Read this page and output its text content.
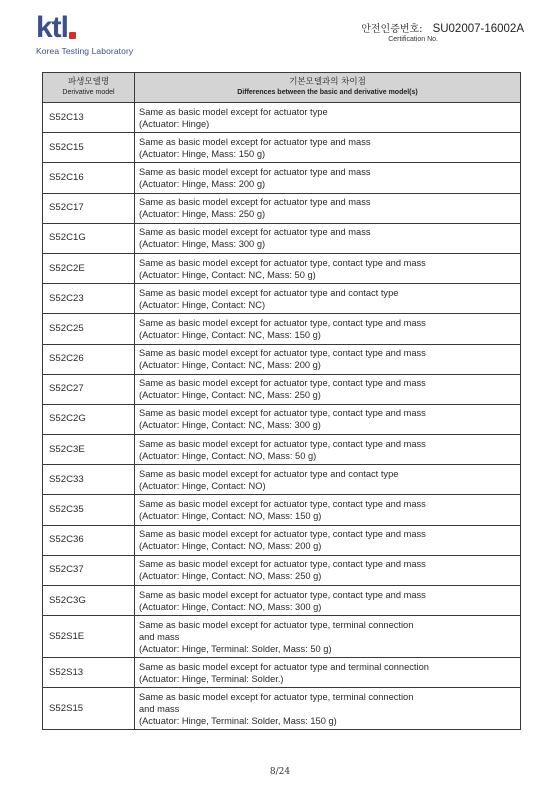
ktl
Korea Testing Laboratory
안전인증번호: SU02007-16002A
Certification No.
파생모델명
Derivative model	기본모델과의 차이점
Differences between the basic and derivative model(s)

S52C13	Same as basic model except for actuator type
(Actuator: Hinge)

S52C15	Same as basic model except for actuator type and mass
(Actuator: Hinge, Mass: 150 g)

S52C16	Same as basic model except for actuator type and mass
(Actuator: Hinge, Mass: 200 g)

S52C17	Same as basic model except for actuator type and mass
(Actuator: Hinge, Mass: 250 g)

S52C1G	Same as basic model except for actuator type and mass
(Actuator: Hinge, Mass: 300 g)

S52C2E	Same as basic model except for actuator type, contact type and mass
(Actuator: Hinge, Contact: NC, Mass: 50 g)

S52C23	Same as basic model except for actuator type and contact type
(Actuator: Hinge, Contact: NC)

S52C25	Same as basic model except for actuator type, contact type and mass
(Actuator: Hinge, Contact: NC, Mass: 150 g)

S52C26	Same as basic model except for actuator type, contact type and mass
(Actuator: Hinge, Contact: NC, Mass: 200 g)

S52C27	Same as basic model except for actuator type, contact type and mass
(Actuator: Hinge, Contact: NC, Mass: 250 g)

S52C2G	Same as basic model except for actuator type, contact type and mass
(Actuator: Hinge, Contact: NC, Mass: 300 g)

S52C3E	Same as basic model except for actuator type, contact type and mass
(Actuator: Hinge, Contact: NO, Mass: 50 g)

S52C33	Same as basic model except for actuator type and contact type
(Actuator: Hinge, Contact: NO)

S52C35	Same as basic model except for actuator type, contact type and mass
(Actuator: Hinge, Contact: NO, Mass: 150 g)

S52C36	Same as basic model except for actuator type, contact type and mass
(Actuator: Hinge, Contact: NO, Mass: 200 g)

S52C37	Same as basic model except for actuator type, contact type and mass
(Actuator: Hinge, Contact: NO, Mass: 250 g)

S52C3G	Same as basic model except for actuator type, contact type and mass
(Actuator: Hinge, Contact: NO, Mass: 300 g)

S52S1E	Same as basic model except for actuator type, terminal connection
and mass
(Actuator: Hinge, Terminal: Solder, Mass: 50 g)

S52S13	Same as basic model except for actuator type and terminal connection
(Actuator: Hinge, Terminal: Solder.)

S52S15	Same as basic model except for actuator type, terminal connection
and mass
(Actuator: Hinge, Terminal: Solder, Mass: 150 g)
8/24
